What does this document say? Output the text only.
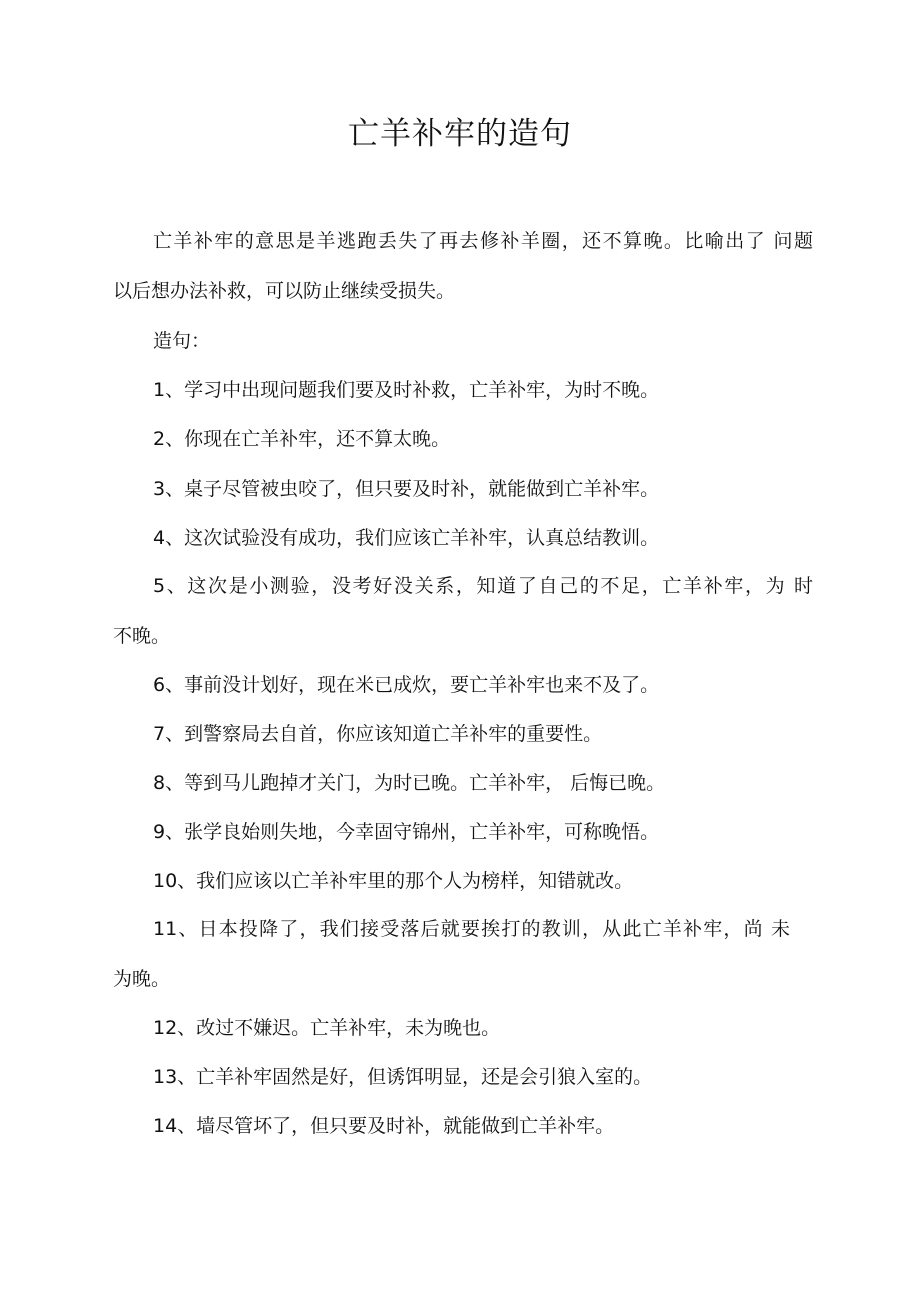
亡羊补牢的造句

亡羊补牢的意思是羊逃跑丢失了再去修补羊圈，还不算晚。比喻出了 问题

以后想办法补救，可以防止继续受损失。

造句：

1、学习中出现问题我们要及时补救，亡羊补牢，为时不晚。

2、你现在亡羊补牢，还不算太晚。

3、桌子尽管被虫咬了，但只要及时补，就能做到亡羊补牢。

4、这次试验没有成功，我们应该亡羊补牢，认真总结教训。

5、这次是小测验，没考好没关系，知道了自己的不足，亡羊补牢，为 时

不晚。

6、事前没计划好，现在米已成炊，要亡羊补牢也来不及了。

7、到警察局去自首，你应该知道亡羊补牢的重要性。

8、等到马儿跑掉才关门，为时已晚。亡羊补牢， 后悔已晚。

9、张学良始则失地，今幸固守锦州，亡羊补牢，可称晚悟。

10、我们应该以亡羊补牢里的那个人为榜样，知错就改。

11、日本投降了，我们接受落后就要挨打的教训，从此亡羊补牢，尚 未

为晚。

12、改过不嫌迟。亡羊补牢，未为晚也。

13、亡羊补牢固然是好，但诱饵明显，还是会引狼入室的。

14、墙尽管坏了，但只要及时补，就能做到亡羊补牢。
